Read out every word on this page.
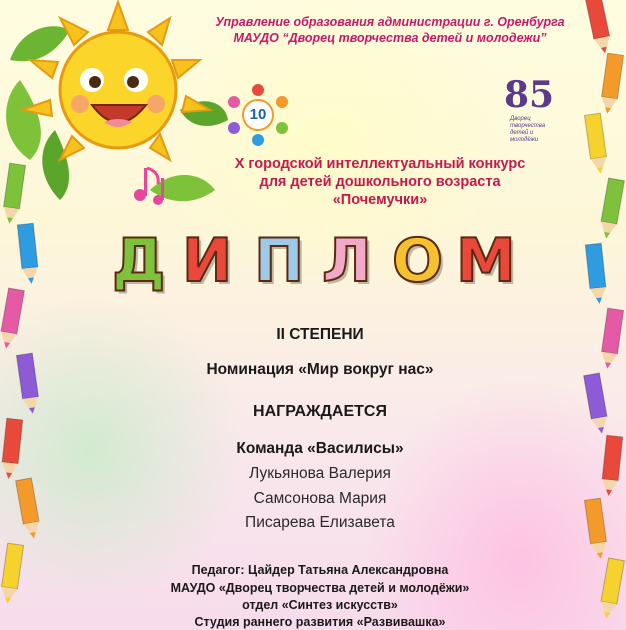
Управление образования администрации г. Оренбурга
МАУДО “Дворец творчества детей и молодежи”
10	85
Дворец творчества детей и молодёжи
X городской интеллектуальный конкурс
для детей дошкольного возраста
«Почемучки»
Д И П Л О М
II СТЕПЕНИ
Номинация «Мир вокруг нас»
НАГРАЖДАЕТСЯ
Команда «Василисы»
Лукьянова Валерия
Самсонова Мария
Писарева Елизавета
Педагог: Цайдер Татьяна Александровна
МАУДО «Дворец творчества детей и молодёжи»
отдел «Синтез искусств»
Студия раннего развития «Развивашка»
